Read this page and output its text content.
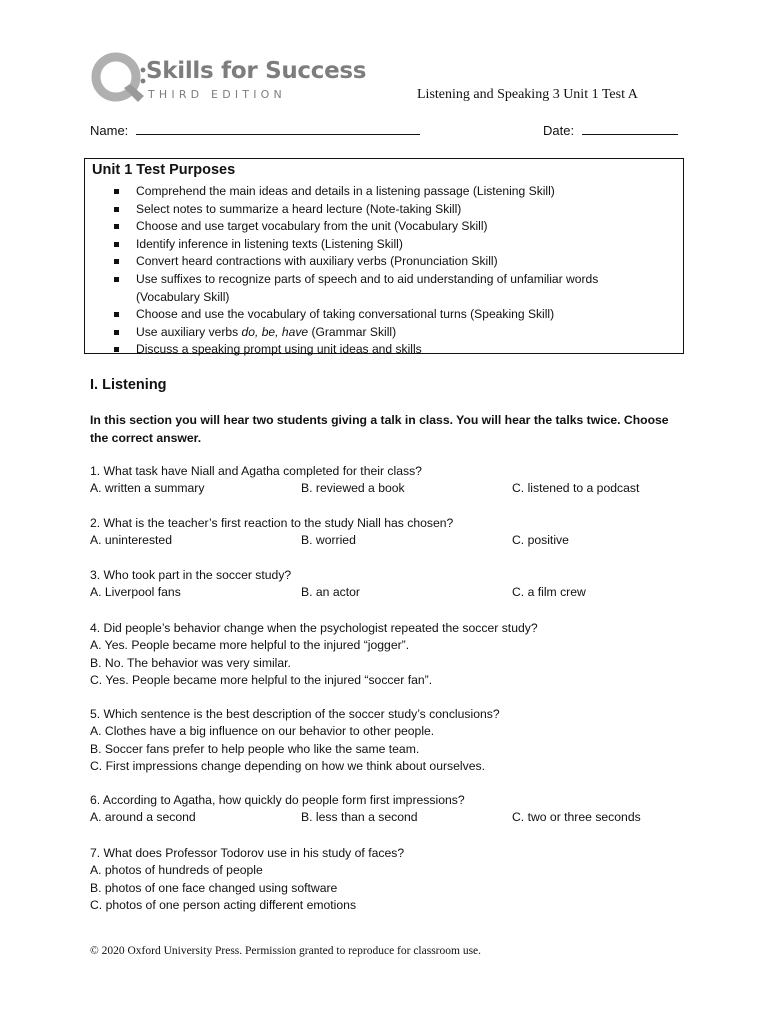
Skills for Success
THIRD EDITION	Listening and Speaking 3 Unit 1 Test A
Name:	Date:
Unit 1 Test Purposes
Comprehend the main ideas and details in a listening passage (Listening Skill)
Select notes to summarize a heard lecture (Note-taking Skill)
Choose and use target vocabulary from the unit (Vocabulary Skill)
Identify inference in listening texts (Listening Skill)
Convert heard contractions with auxiliary verbs (Pronunciation Skill)
Use suffixes to recognize parts of speech and to aid understanding of unfamiliar words
(Vocabulary Skill)
Choose and use the vocabulary of taking conversational turns (Speaking Skill)
Use auxiliary verbs do, be, have (Grammar Skill)
Discuss a speaking prompt using unit ideas and skills
I. Listening
In this section you will hear two students giving a talk in class. You will hear the talks twice. Choose the correct answer.
1. What task have Niall and Agatha completed for their class?
A. written a summary	B. reviewed a book	C. listened to a podcast
2. What is the teacher’s first reaction to the study Niall has chosen?
A. uninterested	B. worried	C. positive
3. Who took part in the soccer study?
A. Liverpool fans	B. an actor	C. a film crew
4. Did people’s behavior change when the psychologist repeated the soccer study?
A. Yes. People became more helpful to the injured “jogger”.
B. No. The behavior was very similar.
C. Yes. People became more helpful to the injured “soccer fan”.
5. Which sentence is the best description of the soccer study’s conclusions?
A. Clothes have a big influence on our behavior to other people.
B. Soccer fans prefer to help people who like the same team.
C. First impressions change depending on how we think about ourselves.
6. According to Agatha, how quickly do people form first impressions?
A. around a second	B. less than a second	C. two or three seconds
7. What does Professor Todorov use in his study of faces?
A. photos of hundreds of people
B. photos of one face changed using software
C. photos of one person acting different emotions
© 2020 Oxford University Press. Permission granted to reproduce for classroom use.
